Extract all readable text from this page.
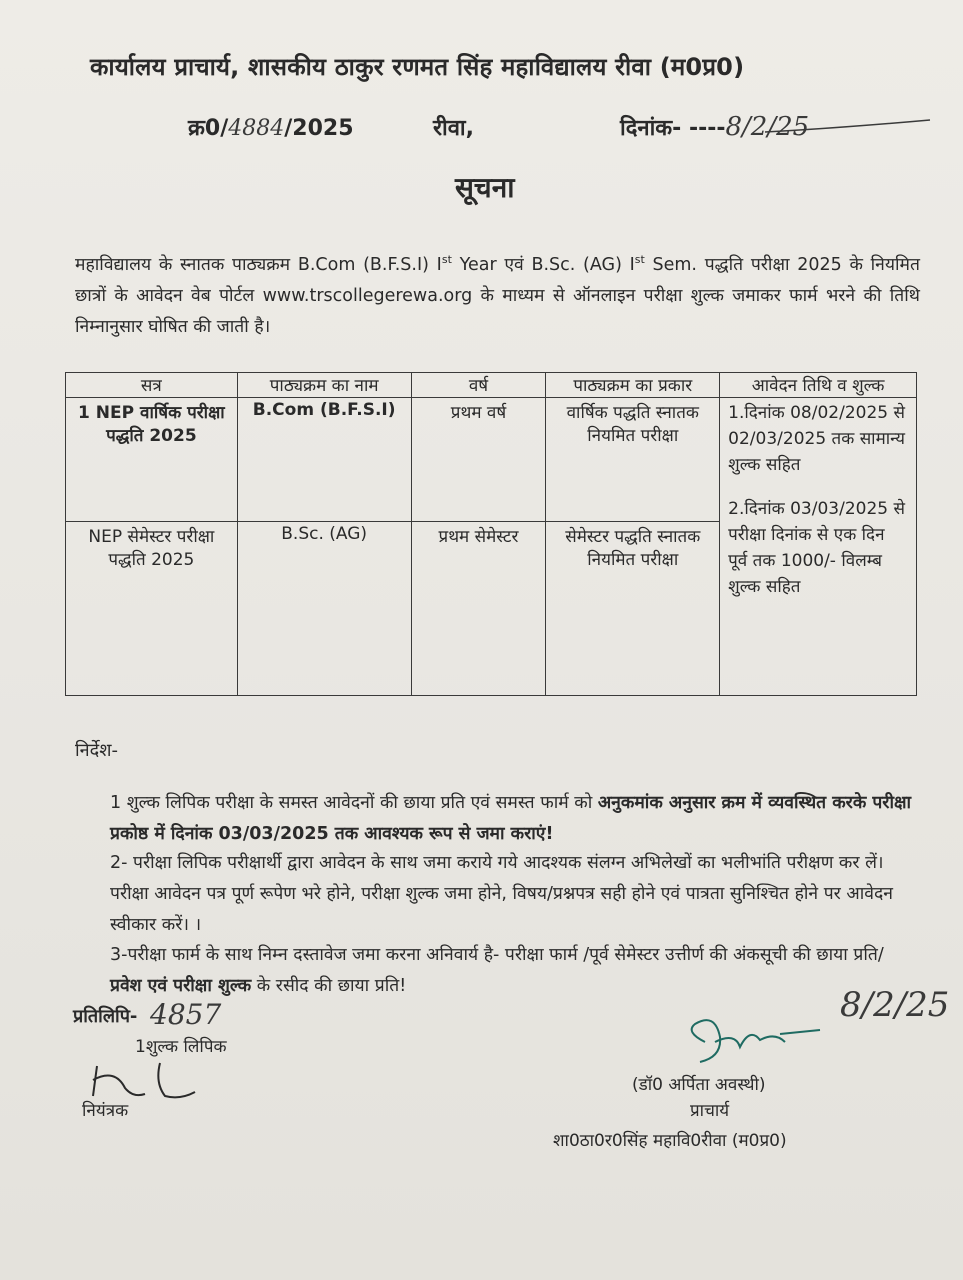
कार्यालय प्राचार्य, शासकीय ठाकुर रणमत सिंह महाविद्यालय रीवा (म0प्र0)
क्र0/4884/2025	रीवा,	दिनांक- ----8/2/25
सूचना
महाविद्यालय के स्नातक पाठ्यक्रम B.Com (B.F.S.I) Ist Year एवं B.Sc. (AG) Ist Sem. पद्धति परीक्षा 2025 के नियमित छात्रों के आवेदन वेब पोर्टल www.trscollegerewa.org के माध्यम से ऑनलाइन परीक्षा शुल्क जमाकर फार्म भरने की तिथि निम्नानुसार घोषित की जाती है।
सत्र	पाठ्यक्रम का नाम	वर्ष	पाठ्यक्रम का प्रकार	आवेदन तिथि व शुल्क
1 NEP वार्षिक परीक्षा पद्धति 2025	B.Com (B.F.S.I)	प्रथम वर्ष	वार्षिक पद्धति स्नातक नियमित परीक्षा	1.दिनांक 08/02/2025 से 02/03/2025 तक सामान्य शुल्क सहित
2.दिनांक 03/03/2025 से परीक्षा दिनांक से एक दिन पूर्व तक 1000/- विलम्ब शुल्क सहित

NEP सेमेस्टर परीक्षा पद्धति 2025	B.Sc. (AG)	प्रथम सेमेस्टर	सेमेस्टर पद्धति स्नातक नियमित परीक्षा	
निर्देश-
1 शुल्क लिपिक परीक्षा के समस्त आवेदनों की छाया प्रति एवं समस्त फार्म को अनुकमांक अनुसार क्रम में व्यवस्थित करके परीक्षा प्रकोष्ठ में दिनांक 03/03/2025 तक आवश्यक रूप से जमा कराएं!
2- परीक्षा लिपिक परीक्षार्थी द्वारा आवेदन के साथ जमा कराये गये आदश्यक संलग्न अभिलेखों का भलीभांति परीक्षण कर लें। परीक्षा आवेदन पत्र पूर्ण रूपेण भरे होने, परीक्षा शुल्क जमा होने, विषय/प्रश्नपत्र सही होने एवं पात्रता सुनिश्चित होने पर आवेदन स्वीकार करें। ।
3-परीक्षा फार्म के साथ निम्न दस्तावेज जमा करना अनिवार्य है- परीक्षा फार्म /पूर्व सेमेस्टर उत्तीर्ण की अंकसूची की छाया प्रति/ प्रवेश एवं परीक्षा शुल्क के रसीद की छाया प्रति!
प्रतिलिपि- 4857
1शुल्क लिपिक
नियंत्रक
8/2/25
(डॉ0 अर्पिता अवस्थी)
प्राचार्य
शा0ठा0र0सिंह महावि0रीवा (म0प्र0)
